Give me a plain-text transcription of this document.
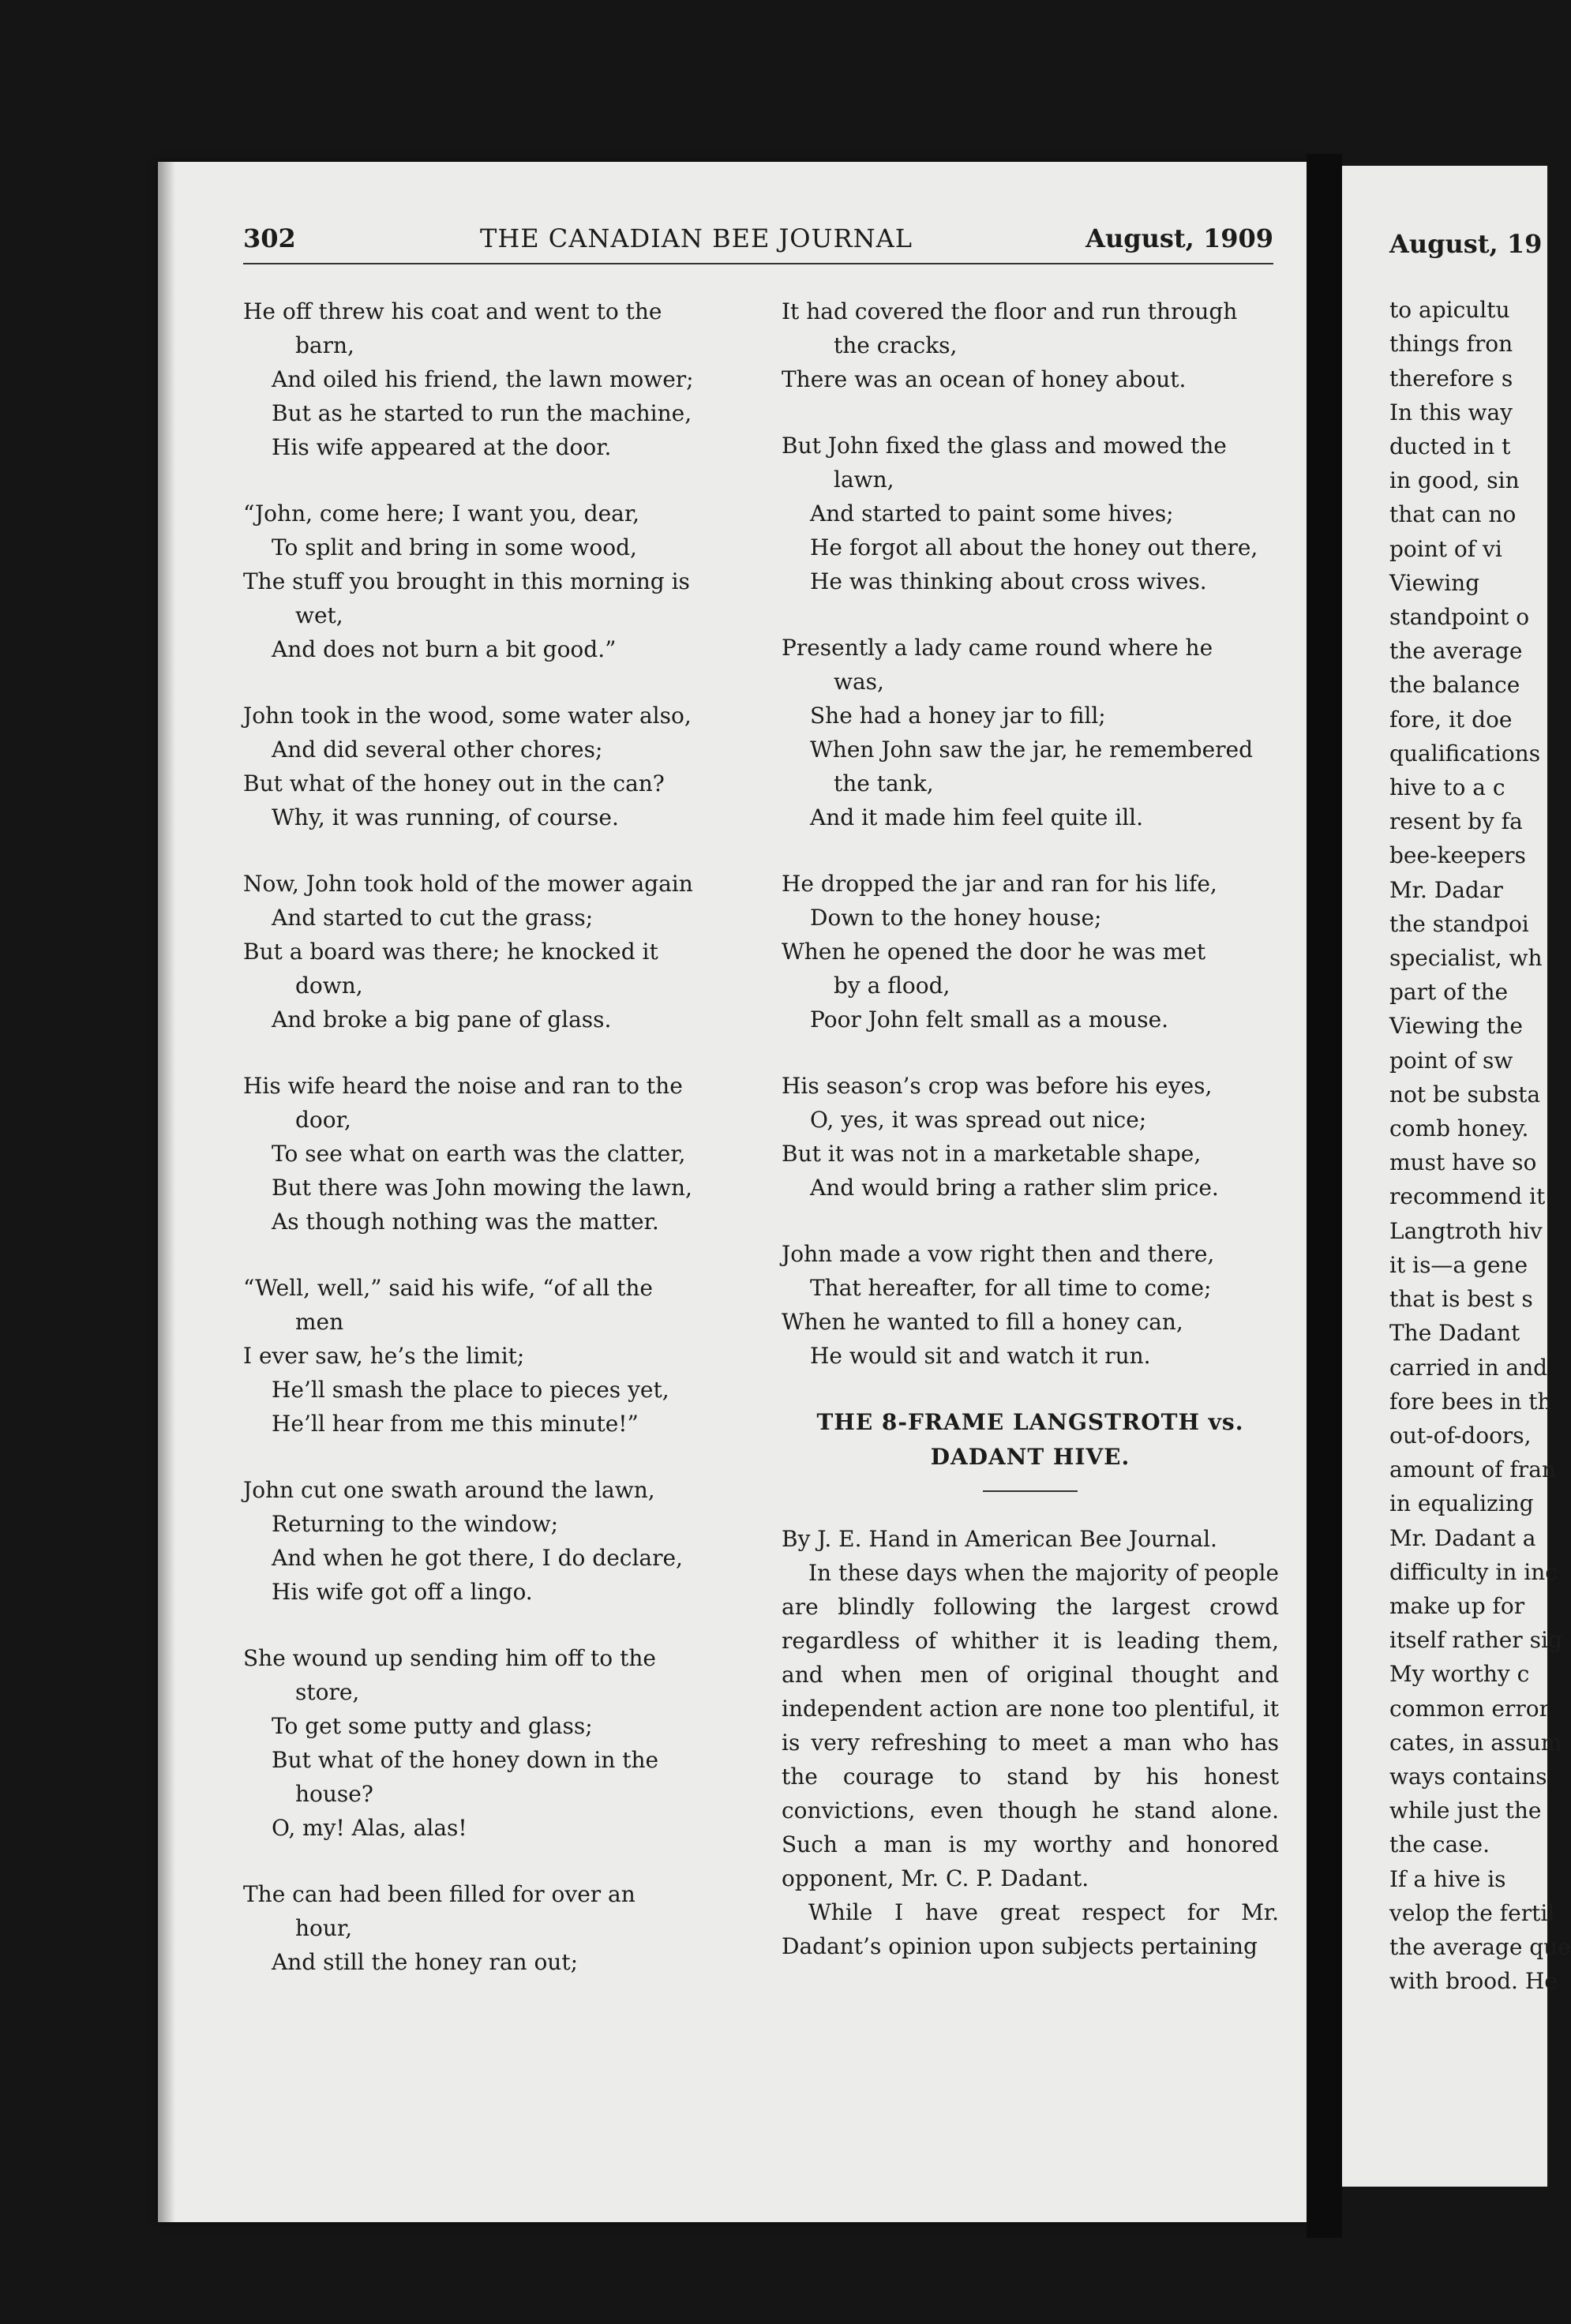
302	THE CANADIAN BEE JOURNAL	August, 1909
He off threw his coat and went to the
barn,
And oiled his friend, the lawn mower;
But as he started to run the machine,
His wife appeared at the door.
“John, come here; I want you, dear,
To split and bring in some wood,
The stuff you brought in this morning is
wet,
And does not burn a bit good.”
John took in the wood, some water also,
And did several other chores;
But what of the honey out in the can?
Why, it was running, of course.
Now, John took hold of the mower again
And started to cut the grass;
But a board was there; he knocked it
down,
And broke a big pane of glass.
His wife heard the noise and ran to the
door,
To see what on earth was the clatter,
But there was John mowing the lawn,
As though nothing was the matter.
“Well, well,” said his wife, “of all the
men
I ever saw, he’s the limit;
He’ll smash the place to pieces yet,
He’ll hear from me this minute!”
John cut one swath around the lawn,
Returning to the window;
And when he got there, I do declare,
His wife got off a lingo.
She wound up sending him off to the
store,
To get some putty and glass;
But what of the honey down in the
house?
O, my! Alas, alas!
The can had been filled for over an
hour,
And still the honey ran out;
It had covered the floor and run through
the cracks,
There was an ocean of honey about.
But John fixed the glass and mowed the
lawn,
And started to paint some hives;
He forgot all about the honey out there,
He was thinking about cross wives.
Presently a lady came round where he
was,
She had a honey jar to fill;
When John saw the jar, he remembered
the tank,
And it made him feel quite ill.
He dropped the jar and ran for his life,
Down to the honey house;
When he opened the door he was met
by a flood,
Poor John felt small as a mouse.
His season’s crop was before his eyes,
O, yes, it was spread out nice;
But it was not in a marketable shape,
And would bring a rather slim price.
John made a vow right then and there,
That hereafter, for all time to come;
When he wanted to fill a honey can,
He would sit and watch it run.
THE 8-FRAME LANGSTROTH vs.
DADANT HIVE.
By J. E. Hand in American Bee Journal.
In these days when the majority of people are blindly following the largest crowd regardless of whither it is leading them, and when men of original thought and independent action are none too plentiful, it is very refreshing to meet a man who has the courage to stand by his honest convictions, even though he stand alone. Such a man is my worthy and honored opponent, Mr. C. P. Dadant.
While I have great respect for Mr. Dadant’s opinion upon subjects pertaining
August, 19
to apicultu
things fron
therefore s
In this way
ducted in t
in good, sin
that can no
point of vi
Viewing
standpoint o
the average
the balance
fore, it doe
qualifications
hive to a c
resent by fa
bee-keepers
Mr. Dadar
the standpoi
specialist, wh
part of the
Viewing the
point of sw
not be substa
comb honey.
must have so
recommend it
Langtroth hiv
it is—a gene
that is best s
The Dadant
carried in and
fore bees in th
out-of-doors,
amount of fran
in equalizing
Mr. Dadant a
difficulty in inc
make up for
itself rather sig
My worthy c
common error
cates, in assum
ways contains
while just the
the case.
If a hive is
velop the fertil
the average que
with brood. He
